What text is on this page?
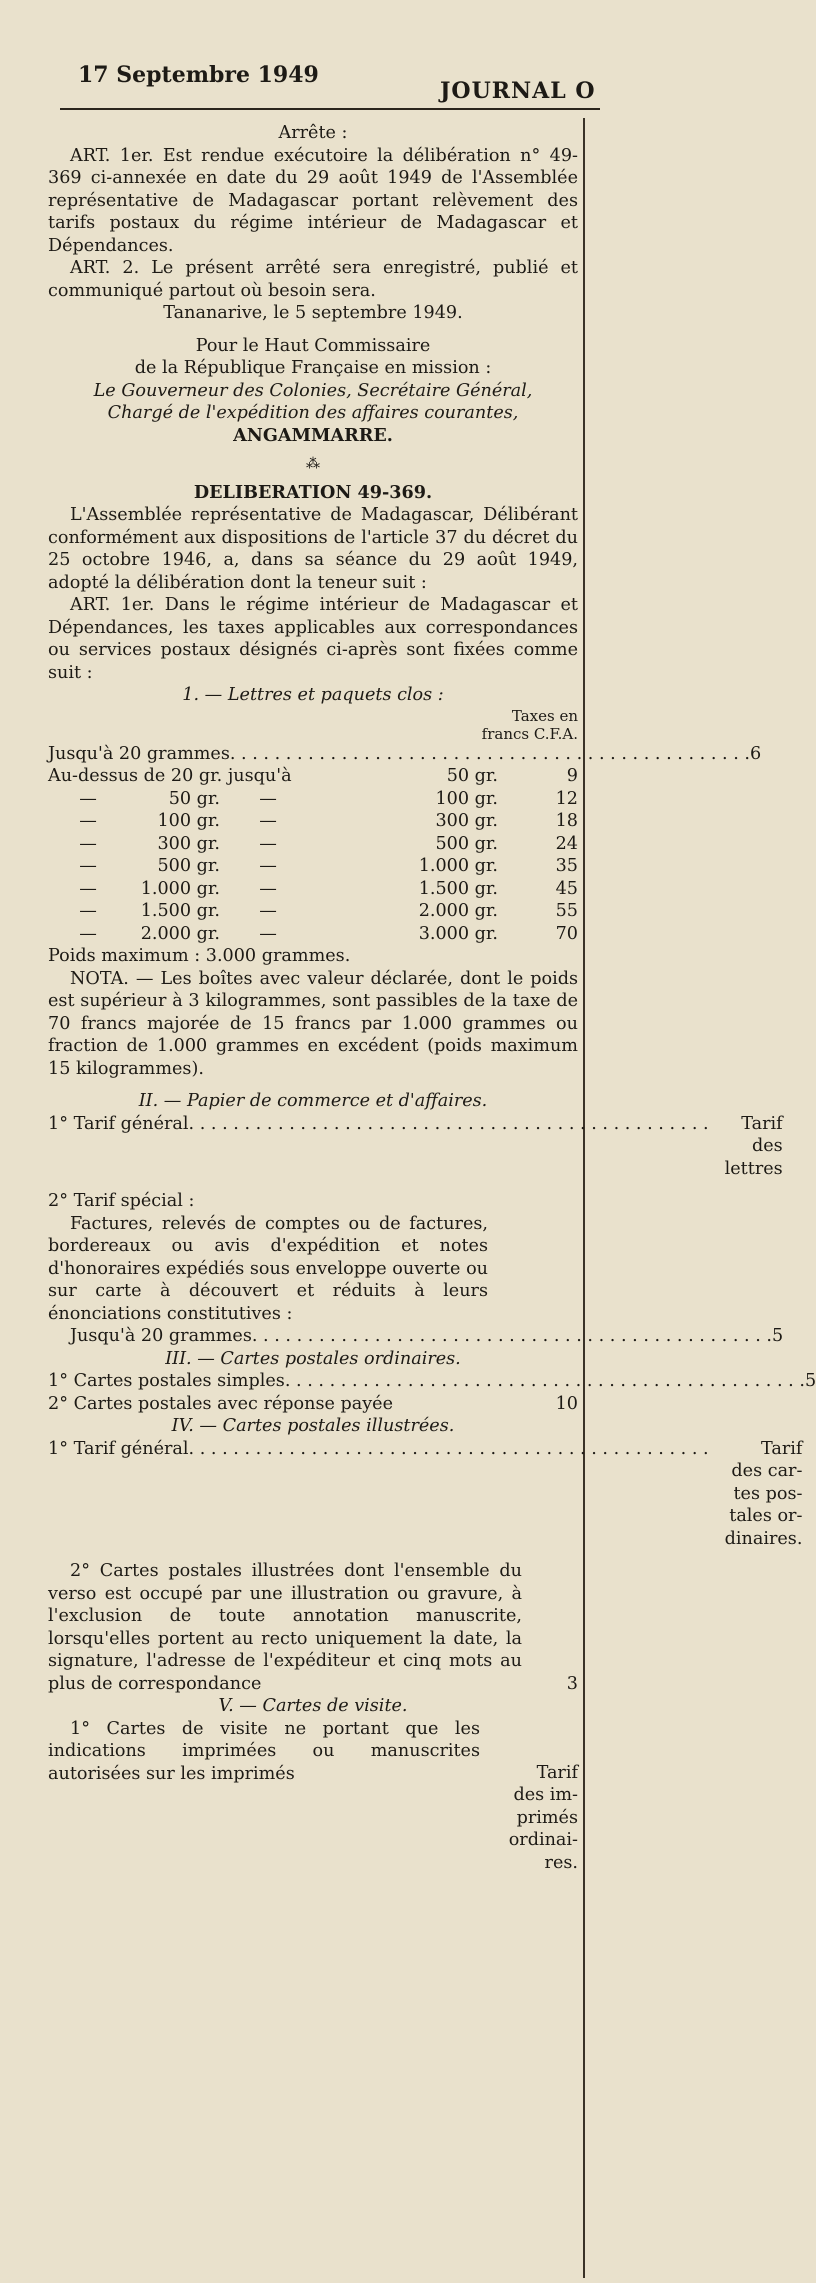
17 Septembre 1949
JOURNAL O
Arrête :
ART. 1er. Est rendue exécutoire la délibération n° 49-369 ci-annexée en date du 29 août 1949 de l'Assemblée représentative de Madagascar portant relèvement des tarifs postaux du régime intérieur de Madagascar et Dépendances.
ART. 2. Le présent arrêté sera enregistré, publié et communiqué partout où besoin sera.
Tananarive, le 5 septembre 1949.
Pour le Haut Commissaire
de la République Française en mission :
Le Gouverneur des Colonies, Secrétaire Général,
Chargé de l'expédition des affaires courantes,
ANGAMMARRE.
⁂
DELIBERATION 49-369.
L'Assemblée représentative de Madagascar, Délibérant conformément aux dispositions de l'article 37 du décret du 25 octobre 1946, a, dans sa séance du 29 août 1949, adopté la délibération dont la teneur suit :
ART. 1er. Dans le régime intérieur de Madagascar et Dépendances, les taxes applicables aux correspondances ou services postaux désignés ci-après sont fixées comme suit :
1. — Lettres et paquets clos :
Taxes en
francs C.F.A.
Jusqu'à 20 grammes . . .	6
Au-dessus de 20 gr. jusqu'à			50 gr.	9
—	50 gr.	—	100 gr.	12
—	100 gr.	—	300 gr.	18
—	300 gr.	—	500 gr.	24
—	500 gr.	—	1.000 gr.	35
—	1.000 gr.	—	1.500 gr.	45
—	1.500 gr.	—	2.000 gr.	55
—	2.000 gr.	—	3.000 gr.	70
Poids maximum : 3.000 grammes.
NOTA. — Les boîtes avec valeur déclarée, dont le poids est supérieur à 3 kilogrammes, sont passibles de la taxe de 70 francs majorée de 15 francs par 1.000 grammes ou fraction de 1.000 grammes en excédent (poids maximum 15 kilogrammes).
II. — Papier de commerce et d'affaires.
1° Tarif général . . .	Tarif
des
lettres
2° Tarif spécial :
Factures, relevés de comptes ou de factures, bordereaux ou avis d'expédition et notes d'honoraires expédiés sous enveloppe ouverte ou sur carte à découvert et réduits à leurs énonciations constitutives :
Jusqu'à 20 grammes . . .	5
III. — Cartes postales ordinaires.
1° Cartes postales simples . . .	5
2° Cartes postales avec réponse payée	10
IV. — Cartes postales illustrées.
1° Tarif général . . .	Tarif
des car-
tes pos-
tales or-
dinaires.
2° Cartes postales illustrées dont l'ensemble du verso est occupé par une illustration ou gravure, à l'exclusion de toute annotation manuscrite, lorsqu'elles portent au recto uniquement la date, la signature, l'adresse de l'expéditeur et cinq mots au plus de correspondance	3
V. — Cartes de visite.
1° Cartes de visite ne portant que les indications imprimées ou manuscrites autorisées sur les imprimés	Tarif
des im-
primés
ordinai-
res.
